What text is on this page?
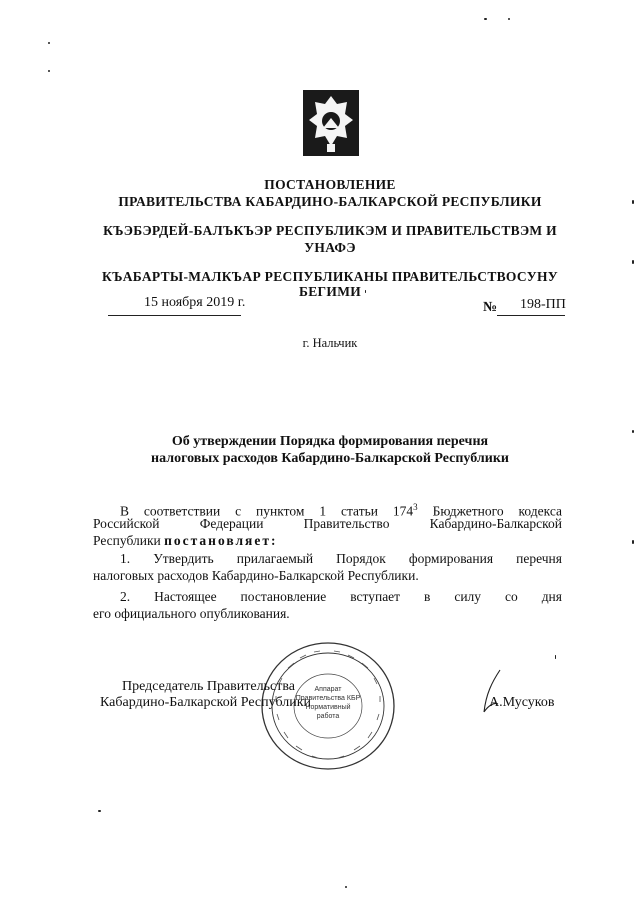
ПОСТАНОВЛЕНИЕ
ПРАВИТЕЛЬСТВА КАБАРДИНО-БАЛКАРСКОЙ РЕСПУБЛИКИ
КЪЭБЭРДЕЙ-БАЛЪКЪЭР РЕСПУБЛИКЭМ И ПРАВИТЕЛЬСТВЭМ И
УНАФЭ
КЪАБАРТЫ-МАЛКЪАР РЕСПУБЛИКАНЫ ПРАВИТЕЛЬСТВОСУНУ
БЕГИМИ
15 ноября 2019 г.	№ 198-ПП
г. Нальчик
Об утверждении Порядка формирования перечня
налоговых расходов Кабардино-Балкарской Республики
В соответствии с пунктом 1 статьи $174^3$ Бюджетного кодекса
Российской Федерации Правительство Кабардино-Балкарской
Республики постановляет:
1. Утвердить прилагаемый Порядок формирования перечня
налоговых расходов Кабардино-Балкарской Республики.
2. Настоящее постановление вступает в силу со дня
его официального опубликования.
Аппарат
Правительства КБР
Нормативный
работа
Председатель Правительства
Кабардино-Балкарской Республики	А.Мусуков
